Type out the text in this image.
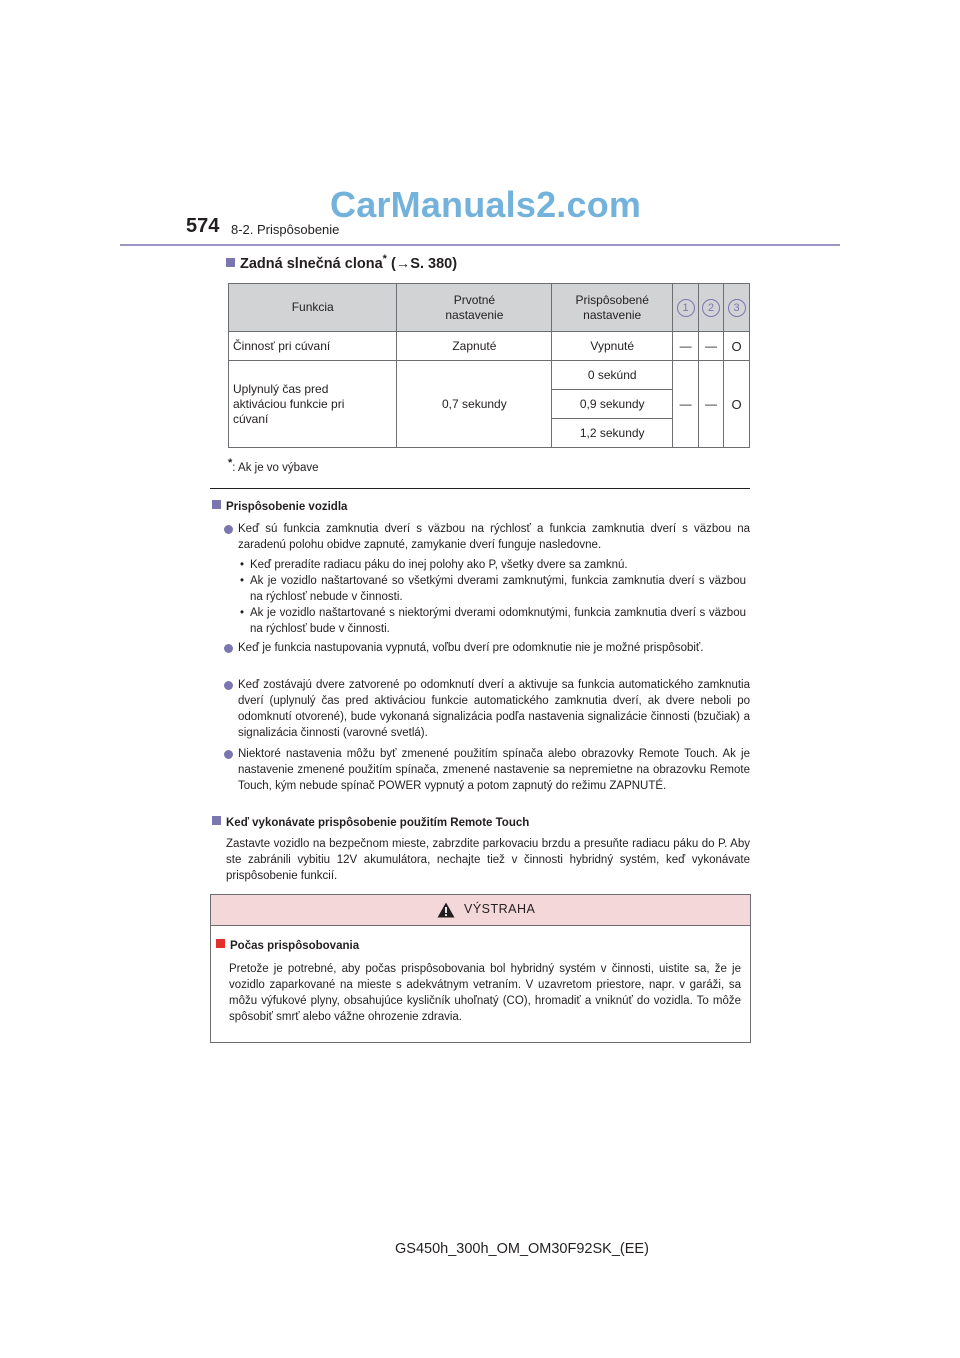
CarManuals2.com
574 8-2. Prispôsobenie
Zadná slnečná clona* (→S. 380)
Funkcia	Prvotné nastavenie	Prispôsobené nastavenie	1	2	3
Činnosť pri cúvaní	Zapnuté	Vypnuté	—	—	O
Uplynulý čas pred aktiváciou funkcie pri cúvaní	0,7 sekundy	0 sekúnd	—	—	O
		0,9 sekundy			
		1,2 sekundy			
*: Ak je vo výbave
Prispôsobenie vozidla
Keď sú funkcia zamknutia dverí s väzbou na rýchlosť a funkcia zamknutia dverí s väzbou na zaradenú polohu obidve zapnuté, zamykanie dverí funguje nasledovne.
• Keď preradíte radiacu páku do inej polohy ako P, všetky dvere sa zamknú.
• Ak je vozidlo naštartované so všetkými dverami zamknutými, funkcia zamknutia dverí s väzbou na rýchlosť nebude v činnosti.
• Ak je vozidlo naštartované s niektorými dverami odomknutými, funkcia zamknutia dverí s väzbou na rýchlosť bude v činnosti.
Keď je funkcia nastupovania vypnutá, voľbu dverí pre odomknutie nie je možné prispôsobiť.
Keď zostávajú dvere zatvorené po odomknutí dverí a aktivuje sa funkcia automatického zamknutia dverí (uplynulý čas pred aktiváciou funkcie automatického zamknutia dverí, ak dvere neboli po odomknutí otvorené), bude vykonaná signalizácia podľa nastavenia signalizácie činnosti (bzučiak) a signalizácia činnosti (varovné svetlá).
Niektoré nastavenia môžu byť zmenené použitím spínača alebo obrazovky Remote Touch. Ak je nastavenie zmenené použitím spínača, zmenené nastavenie sa nepremietne na obrazovku Remote Touch, kým nebude spínač POWER vypnutý a potom zapnutý do režimu ZAPNUTÉ.
Keď vykonávate prispôsobenie použitím Remote Touch
Zastavte vozidlo na bezpečnom mieste, zabrzdite parkovaciu brzdu a presuňte radiacu páku do P. Aby ste zabránili vybitiu 12V akumulátora, nechajte tiež v činnosti hybridný systém, keď vykonávate prispôsobenie funkcií.
VÝSTRAHA
Počas prispôsobovania
Pretože je potrebné, aby počas prispôsobovania bol hybridný systém v činnosti, uistite sa, že je vozidlo zaparkované na mieste s adekvátnym vetraním. V uzavretom priestore, napr. v garáži, sa môžu výfukové plyny, obsahujúce kysličník uhoľnatý (CO), hromadiť a vniknúť do vozidla. To môže spôsobiť smrť alebo vážne ohrozenie zdravia.
GS450h_300h_OM_OM30F92SK_(EE)
